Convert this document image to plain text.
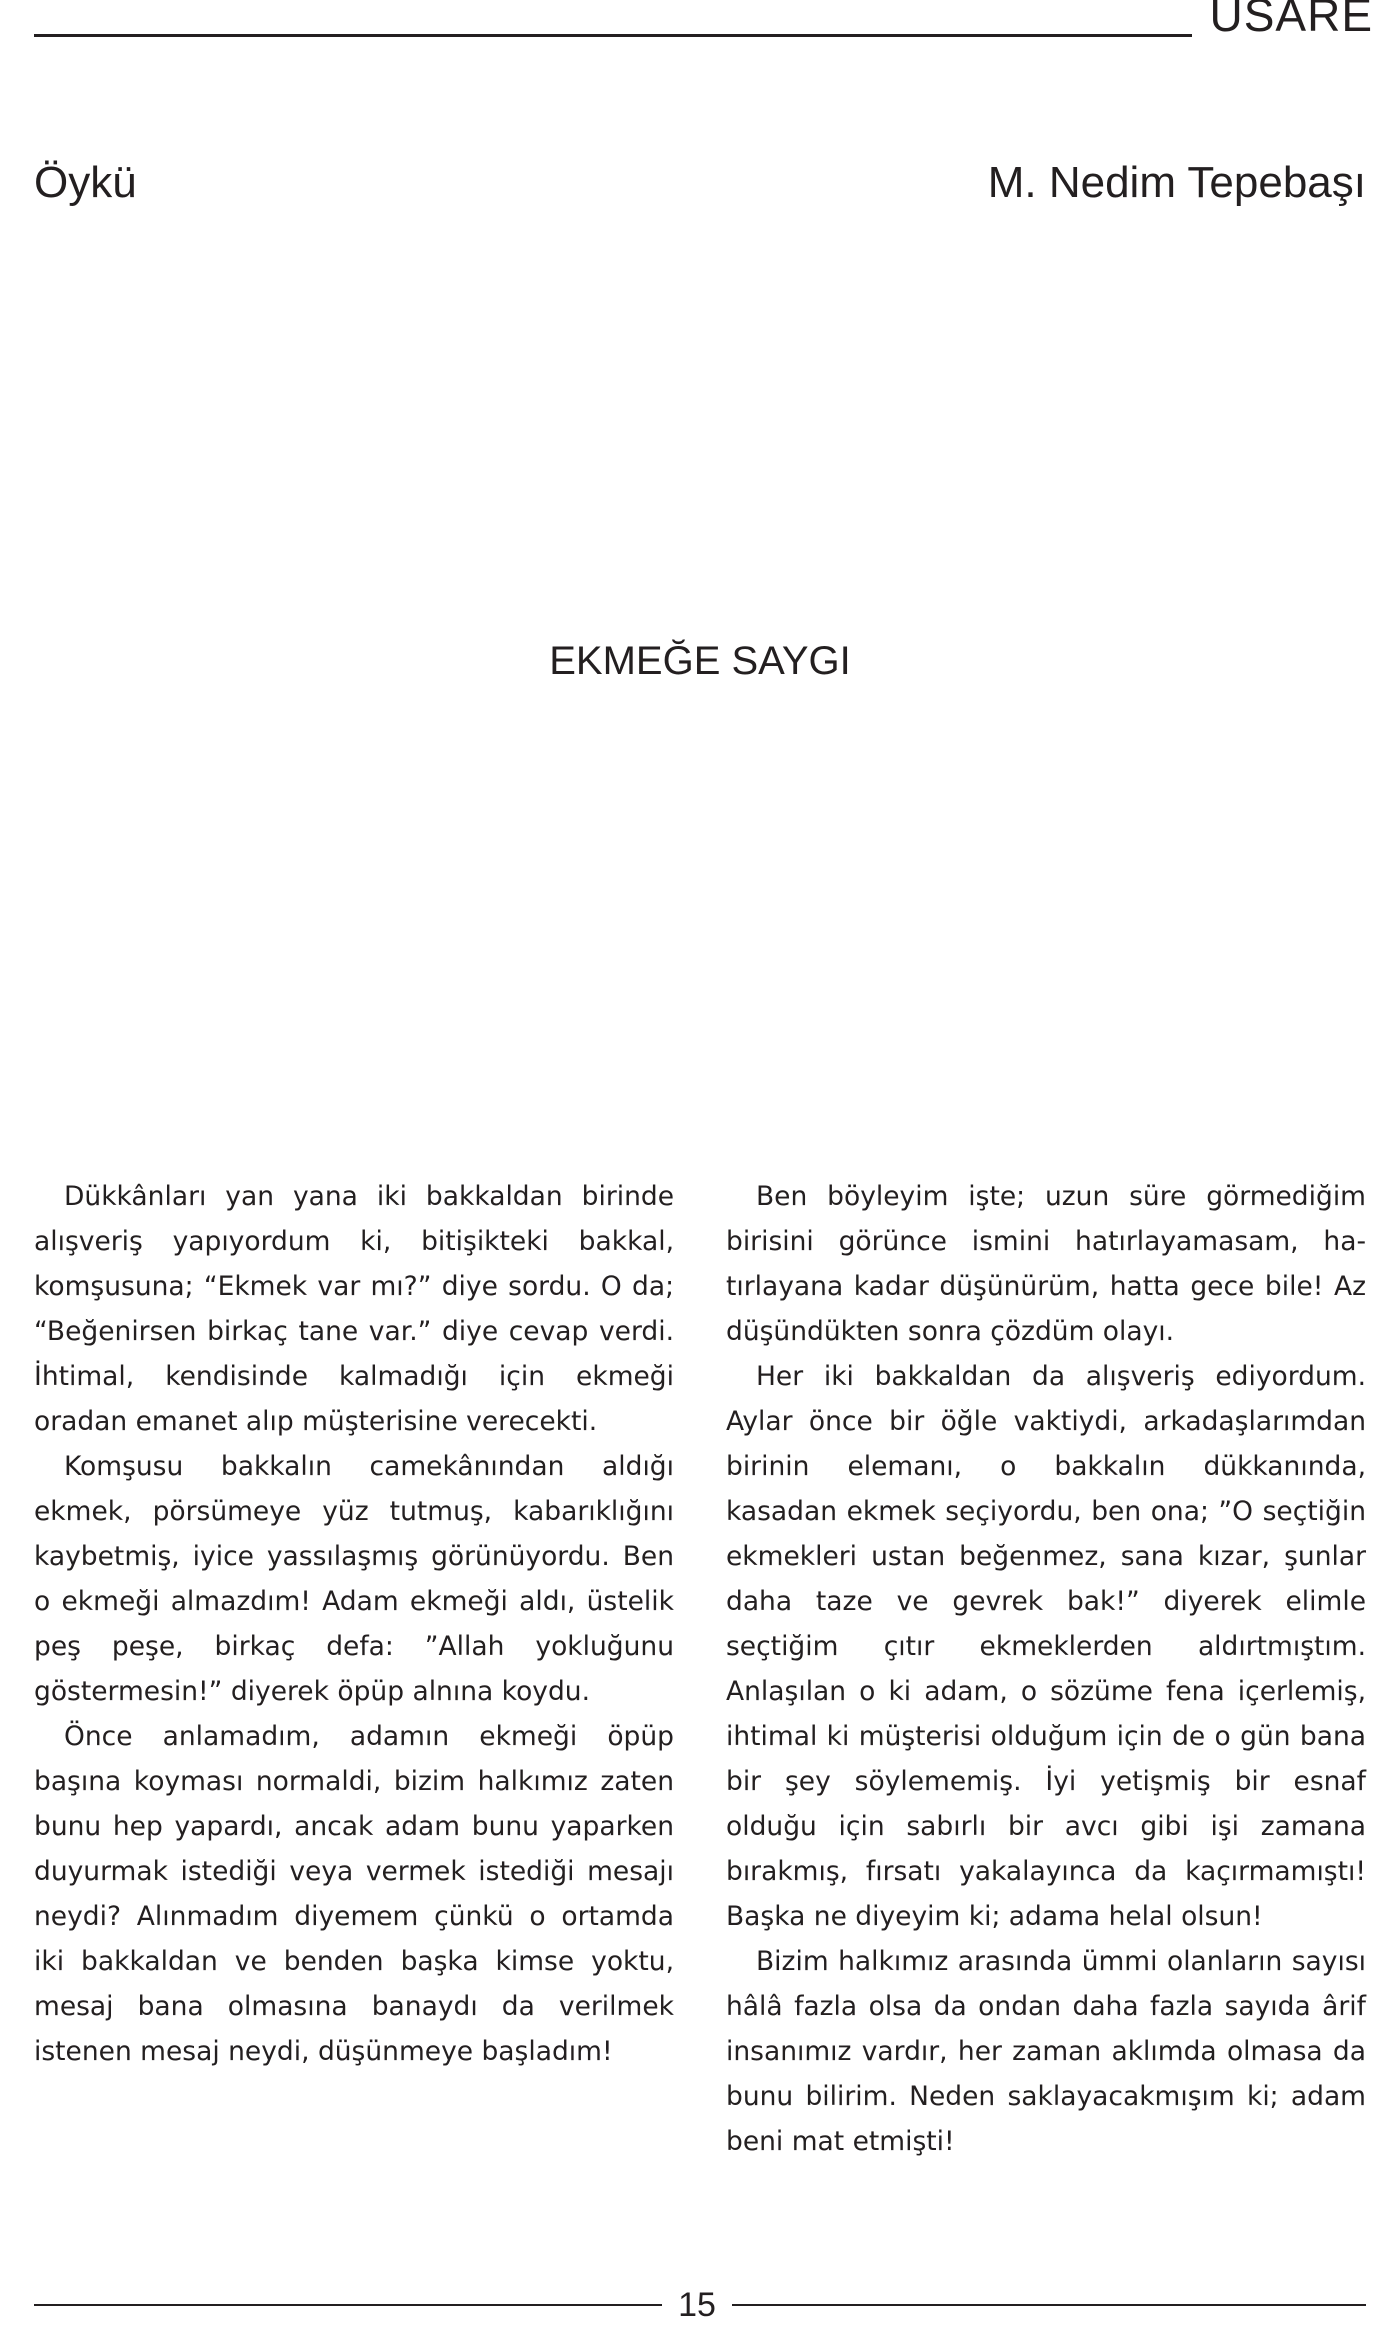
USARE
Öykü	M. Nedim Tepebaşı
EKMEĞE SAYGI

Dükkânları yan yana iki bakkaldan birinde alışveriş yapıyordum ki, bitişikteki bakkal, komşusuna; “Ekmek var mı?” diye sordu. O da; “Beğenirsen birkaç tane var.” diye cevap verdi. İhtimal, kendisinde kalmadığı için ekmeği oradan emanet alıp müşterisine verecekti.

Komşusu bakkalın camekânından aldığı ekmek, pörsümeye yüz tutmuş, kabarıklığını kaybetmiş, iyice yassılaşmış görünüyordu. Ben o ekmeği almazdım! Adam ekmeği aldı, üstelik peş peşe, birkaç defa: ”Allah yokluğunu göstermesin!” diyerek öpüp alnına koydu.

Önce anlamadım, adamın ekmeği öpüp başına koyması normaldi, bizim halkımız zaten bunu hep yapardı, ancak adam bunu yaparken duyurmak istediği veya vermek istediği mesajı neydi? Alınmadım diyemem çünkü o ortamda iki bakkaldan ve benden başka kimse yoktu, mesaj bana olmasına banaydı da verilmek istenen mesaj neydi, düşünmeye başladım!

Ben böyleyim işte; uzun süre görmediğim birisini görünce ismini hatırlayamasam, hatırlayana kadar düşünürüm, hatta gece bile! Az düşündükten sonra çözdüm olayı.

Her iki bakkaldan da alışveriş ediyordum. Aylar önce bir öğle vaktiydi, arkadaşlarımdan birinin elemanı, o bakkalın dükkanında, kasadan ekmek seçiyordu, ben ona; ”O seçtiğin ekmekleri ustan beğenmez, sana kızar, şunlar daha taze ve gevrek bak!” diyerek elimle seçtiğim çıtır ekmeklerden aldırtmıştım. Anlaşılan o ki adam, o sözüme fena içerlemiş, ihtimal ki müşterisi olduğum için de o gün bana bir şey söylememiş. İyi yetişmiş bir esnaf olduğu için sabırlı bir avcı gibi işi zamana bırakmış, fırsatı yakalayınca da kaçırmamıştı! Başka ne diyeyim ki; adama helal olsun!

Bizim halkımız arasında ümmi olanların sayısı hâlâ fazla olsa da ondan daha fazla sayıda ârif insanımız vardır, her zaman aklımda olmasa da bunu bilirim. Neden saklayacakmışım ki; adam beni mat etmişti!

15
